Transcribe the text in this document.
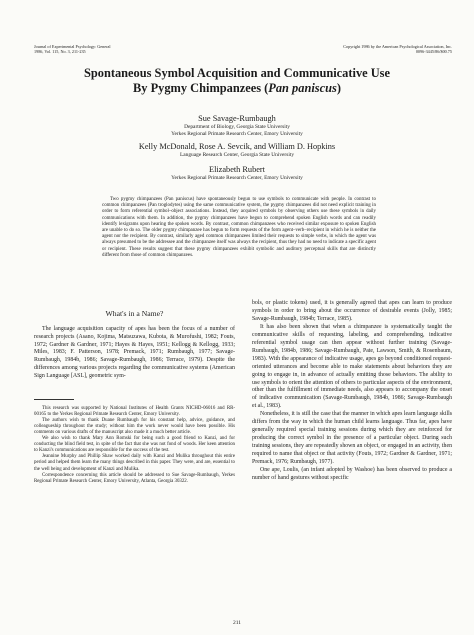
Journal of Experimental Psychology: General
1986, Vol. 115, No. 3, 211-235
Copyright 1986 by the American Psychological Association, Inc.
0096-3445/86/$00.75
Spontaneous Symbol Acquisition and Communicative Use
By Pygmy Chimpanzees (Pan paniscus)
Sue Savage-Rumbaugh
Department of Biology, Georgia State University
Yerkes Regional Primate Research Center, Emory University
Kelly McDonald, Rose A. Sevcik, and William D. Hopkins
Language Research Center, Georgia State University
Elizabeth Rubert
Yerkes Regional Primate Research Center, Emory University

Two pygmy chimpanzees (Pan paniscus) have spontaneously begun to use symbols to communicate with people. In contrast to common chimpanzees (Pan troglodytes) using the same communicative system, the pygmy chimpanzees did not need explicit training in order to form referential symbol–object associations. Instead, they acquired symbols by observing others use these symbols in daily communications with them. In addition, the pygmy chimpanzees have begun to comprehend spoken English words and can readily identify lexigrams upon hearing the spoken words. By contrast, common chimpanzees who received similar exposure to spoken English are unable to do so. The older pygmy chimpanzee has begun to form requests of the form agent–verb–recipient in which he is neither the agent nor the recipient. By contrast, similarly aged common chimpanzees limited their requests to simple verbs, in which the agent was always presumed to be the addressee and the chimpanzee itself was always the recipient, thus they had no need to indicate a specific agent or recipient. These results suggest that these pygmy chimpanzees exhibit symbolic and auditory perceptual skills that are distinctly different from those of common chimpanzees.

What's in a Name?

The language acquisition capacity of apes has been the focus of a number of research projects (Asano, Kojima, Matsuzawa, Kubota, & Murofushi, 1982; Fouts, 1972; Gardner & Gardner, 1971; Hayes & Hayes, 1951; Kellogg & Kellogg, 1933; Miles, 1983; F. Patterson, 1978; Premack, 1971; Rumbaugh, 1977; Savage-Rumbaugh, 1984b, 1986; Savage-Rumbaugh, 1986; Terrace, 1979). Despite the differences among various projects regarding the communicative systems (American Sign Language [ASL], geometric sym-

This research was supported by National Institutes of Health Grants NICHD-06016 and RR-00165 to the Yerkes Regional Primate Research Center, Emory University.

The authors wish to thank Duane Rumbaugh for his constant help, advice, guidance, and colleagueship throughout the study; without him the work never would have been possible. His comments on various drafts of the manuscript also made it a much better article.

We also wish to thank Mary Ann Romski for being such a good friend to Kanzi, and for conducting the blind field test, in spite of the fact that she was not fond of woods. Her keen attention to Kanzi's communications are responsible for the success of the test.

Jeannine Murphy and Phillip Shaw worked daily with Kanzi and Mulika throughout this entire period and helped them learn the many things described in this paper. They were, and are, essential to the well being and development of Kanzi and Mulika.

Correspondence concerning this article should be addressed to Sue Savage-Rumbaugh, Yerkes Regional Primate Research Center, Emory University, Atlanta, Georgia 30322.

bols, or plastic tokens) used, it is generally agreed that apes can learn to produce symbols in order to bring about the occurrence of desirable events (Jolly, 1985; Savage-Rumbaugh, 1984b; Terrace, 1985).

It has also been shown that when a chimpanzee is systematically taught the communicative skills of requesting, labeling, and comprehending, indicative referential symbol usage can then appear without further training (Savage-Rumbaugh, 1984b, 1986; Savage-Rumbaugh, Pate, Lawson, Smith, & Rosenbaum, 1983). With the appearance of indicative usage, apes go beyond conditioned request-oriented utterances and become able to make statements about behaviors they are going to engage in, in advance of actually emitting those behaviors. The ability to use symbols to orient the attention of others to particular aspects of the environment, other than the fulfillment of immediate needs, also appears to accompany the onset of indicative communication (Savage-Rumbaugh, 1984b, 1986; Savage-Rumbaugh et al., 1983).

Nonetheless, it is still the case that the manner in which apes learn language skills differs from the way in which the human child learns language. Thus far, apes have generally required special training sessions during which they are reinforced for producing the correct symbol in the presence of a particular object. During such training sessions, they are repeatedly shown an object, or engaged in an activity, then required to name that object or that activity (Fouts, 1972; Gardner & Gardner, 1971; Premack, 1976; Rumbaugh, 1977).

One ape, Loulis, (an infant adopted by Washoe) has been observed to produce a number of hand gestures without specific

211
